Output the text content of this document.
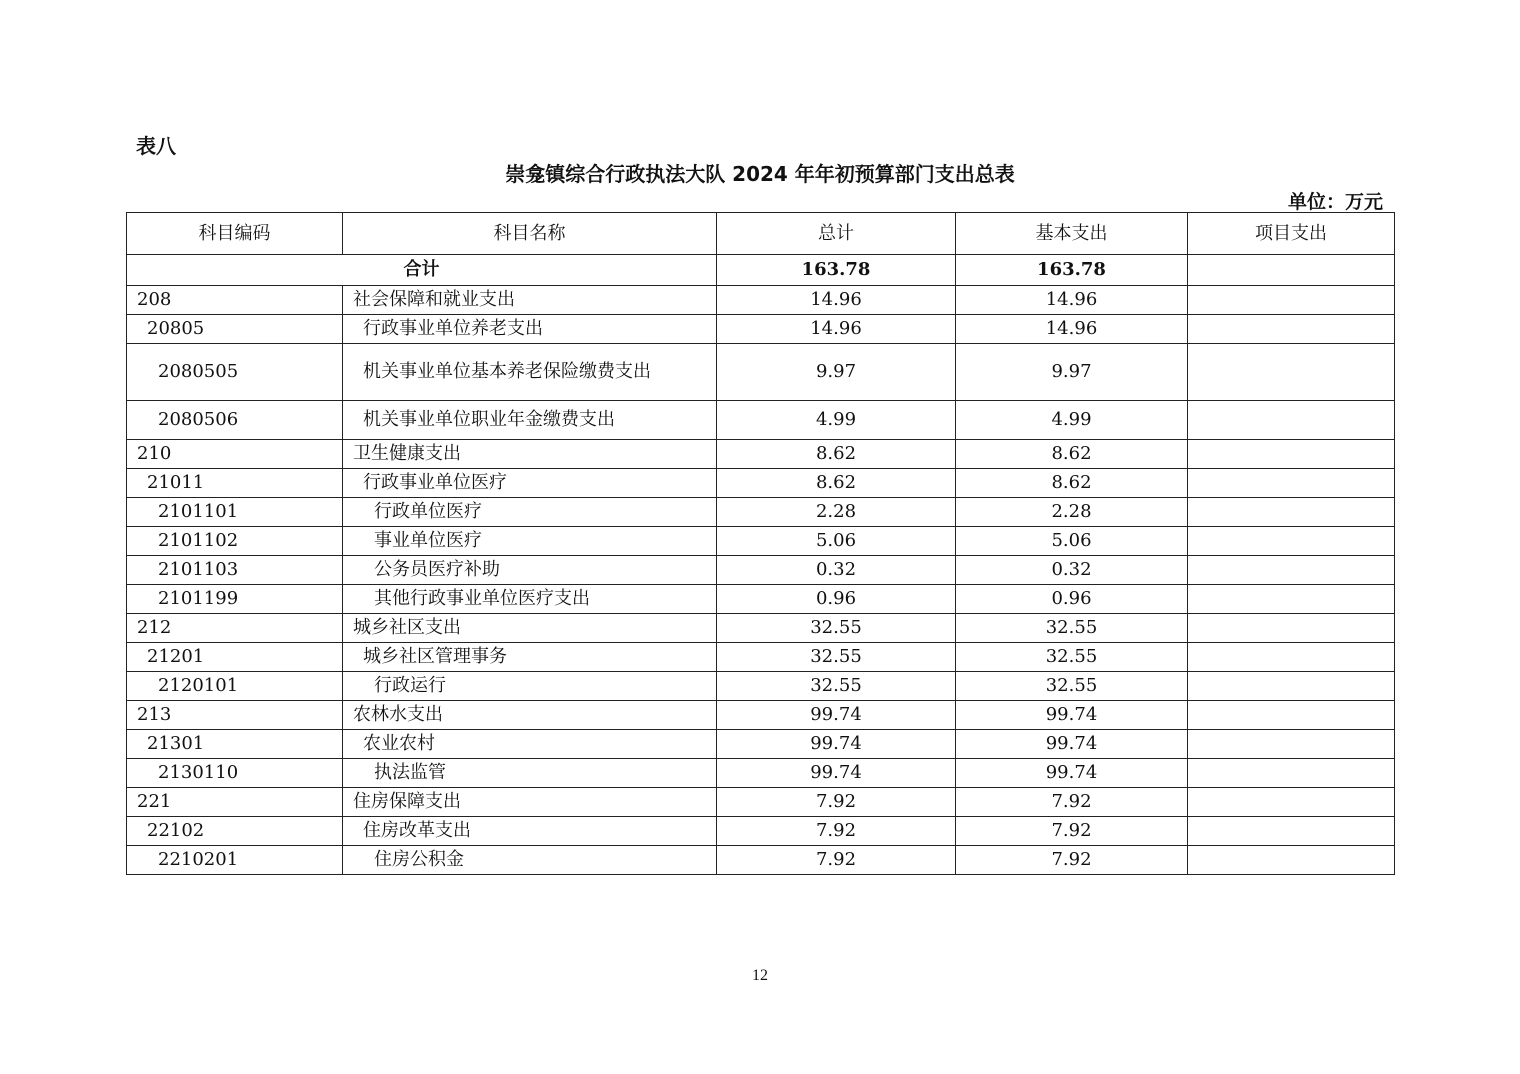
表八
崇龛镇综合行政执法大队 2024 年年初预算部门支出总表
单位：万元
科目编码	科目名称	总计	基本支出	项目支出
合计		163.78	163.78	
208	社会保障和就业支出	14.96	14.96	
20805	行政事业单位养老支出	14.96	14.96	
2080505	机关事业单位基本养老保险缴费支出	9.97	9.97	
2080506	机关事业单位职业年金缴费支出	4.99	4.99	
210	卫生健康支出	8.62	8.62	
21011	行政事业单位医疗	8.62	8.62	
2101101	行政单位医疗	2.28	2.28	
2101102	事业单位医疗	5.06	5.06	
2101103	公务员医疗补助	0.32	0.32	
2101199	其他行政事业单位医疗支出	0.96	0.96	
212	城乡社区支出	32.55	32.55	
21201	城乡社区管理事务	32.55	32.55	
2120101	行政运行	32.55	32.55	
213	农林水支出	99.74	99.74	
21301	农业农村	99.74	99.74	
2130110	执法监管	99.74	99.74	
221	住房保障支出	7.92	7.92	
22102	住房改革支出	7.92	7.92	
2210201	住房公积金	7.92	7.92	
12
